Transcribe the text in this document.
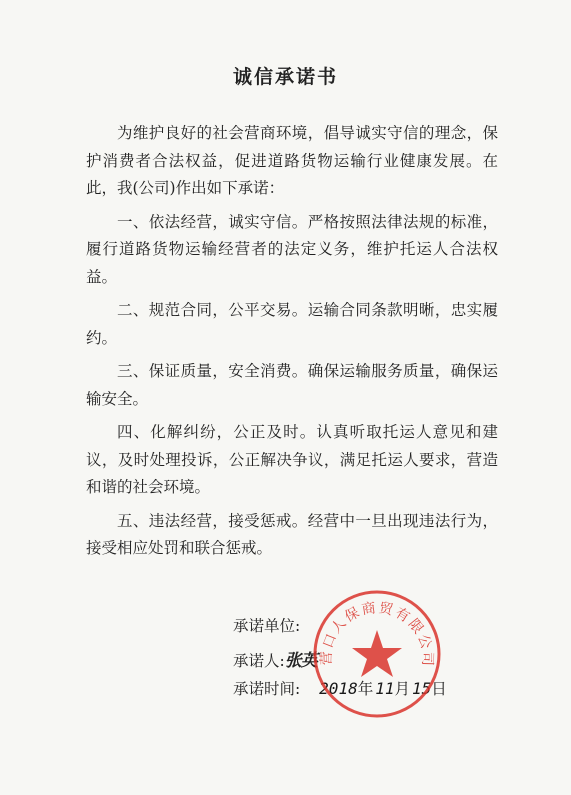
诚信承诺书

为维护良好的社会营商环境，倡导诚实守信的理念，保护消费者合法权益，促进道路货物运输行业健康发展。在此，我(公司)作出如下承诺：

一、依法经营，诚实守信。严格按照法律法规的标准，履行道路货物运输经营者的法定义务，维护托运人合法权益。

二、规范合同，公平交易。运输合同条款明晰，忠实履约。

三、保证质量，安全消费。确保运输服务质量，确保运输安全。

四、化解纠纷，公正及时。认真听取托运人意见和建议，及时处理投诉，公正解决争议，满足托运人要求，营造和谐的社会环境。

五、违法经营，接受惩戒。经营中一旦出现违法行为，接受相应处罚和联合惩戒。

承诺单位:
承诺人:张英
承诺时间: 2018年 11月 15日
营口人保商贸有限公司
